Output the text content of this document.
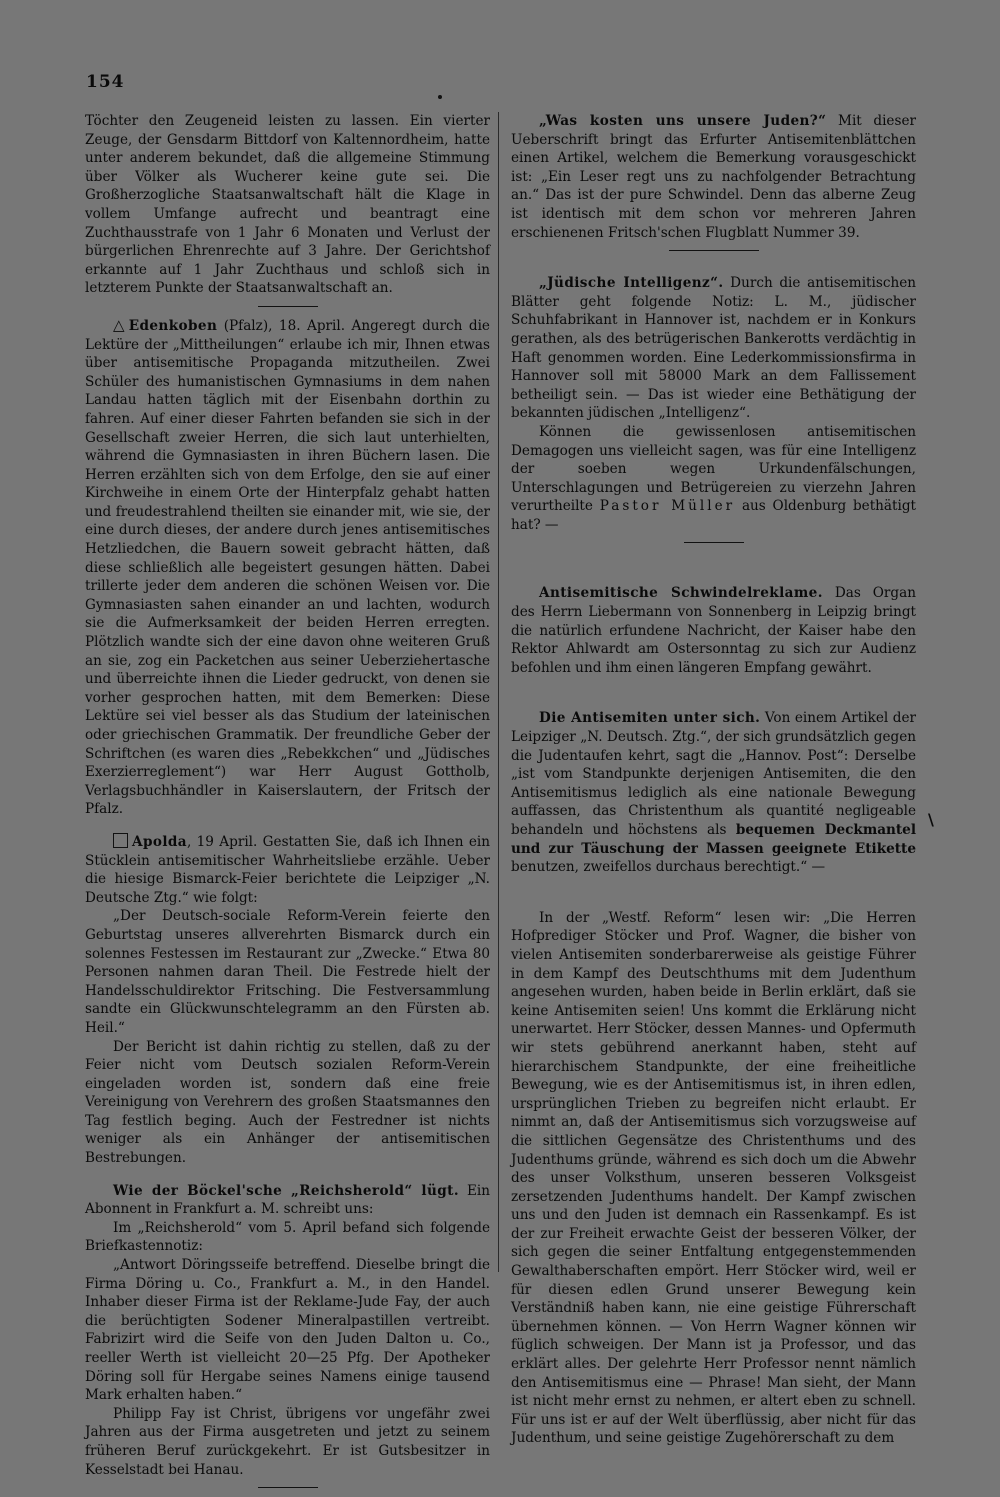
154
\

Töchter den Zeugeneid leisten zu lassen. Ein vierter Zeuge, der Gensdarm Bittdorf von Kaltennordheim, hatte unter anderem bekundet, daß die allgemeine Stimmung über Völker als Wucherer keine gute sei. Die Großherzogliche Staatsanwaltschaft hält die Klage in vollem Umfange aufrecht und beantragt eine Zuchthausstrafe von 1 Jahr 6 Monaten und Verlust der bürgerlichen Ehrenrechte auf 3 Jahre. Der Gerichtshof erkannte auf 1 Jahr Zuchthaus und schloß sich in letzterem Punkte der Staatsanwaltschaft an.

△ Edenkoben (Pfalz), 18. April. Angeregt durch die Lektüre der „Mittheilungen“ erlaube ich mir, Ihnen etwas über antisemitische Propaganda mitzutheilen. Zwei Schüler des humanistischen Gymnasiums in dem nahen Landau hatten täglich mit der Eisenbahn dorthin zu fahren. Auf einer dieser Fahrten befanden sie sich in der Gesellschaft zweier Herren, die sich laut unterhielten, während die Gymnasiasten in ihren Büchern lasen. Die Herren erzählten sich von dem Erfolge, den sie auf einer Kirchweihe in einem Orte der Hinterpfalz gehabt hatten und freudestrahlend theilten sie einander mit, wie sie, der eine durch dieses, der andere durch jenes antisemitisches Hetzliedchen, die Bauern soweit gebracht hätten, daß diese schließlich alle begeistert gesungen hätten. Dabei trillerte jeder dem anderen die schönen Weisen vor. Die Gymnasiasten sahen einander an und lachten, wodurch sie die Aufmerksamkeit der beiden Herren erregten. Plötzlich wandte sich der eine davon ohne weiteren Gruß an sie, zog ein Packetchen aus seiner Ueberziehertasche und überreichte ihnen die Lieder gedruckt, von denen sie vorher gesprochen hatten, mit dem Bemerken: Diese Lektüre sei viel besser als das Studium der lateinischen oder griechischen Grammatik. Der freundliche Geber der Schriftchen (es waren dies „Rebekkchen“ und „Jüdisches Exerzierreglement“) war Herr August Gottholb, Verlagsbuchhändler in Kaiserslautern, der Fritsch der Pfalz.

Apolda, 19 April. Gestatten Sie, daß ich Ihnen ein Stücklein antisemitischer Wahrheitsliebe erzähle. Ueber die hiesige Bismarck-Feier berichtete die Leipziger „N. Deutsche Ztg.“ wie folgt:

„Der Deutsch-sociale Reform-Verein feierte den Geburtstag unseres allverehrten Bismarck durch ein solennes Festessen im Restaurant zur „Zwecke.“ Etwa 80 Personen nahmen daran Theil. Die Festrede hielt der Handelsschuldirektor Fritsching. Die Festversammlung sandte ein Glückwunschtelegramm an den Fürsten ab. Heil.“

Der Bericht ist dahin richtig zu stellen, daß zu der Feier nicht vom Deutsch sozialen Reform-Verein eingeladen worden ist, sondern daß eine freie Vereinigung von Verehrern des großen Staatsmannes den Tag festlich beging. Auch der Festredner ist nichts weniger als ein Anhänger der antisemitischen Bestrebungen.

Wie der Böckel'sche „Reichsherold“ lügt. Ein Abonnent in Frankfurt a. M. schreibt uns:

Im „Reichsherold“ vom 5. April befand sich folgende Briefkastennotiz:

„Antwort Döringsseife betreffend. Dieselbe bringt die Firma Döring u. Co., Frankfurt a. M., in den Handel. Inhaber dieser Firma ist der Reklame-Jude Fay, der auch die berüchtigten Sodener Mineralpastillen vertreibt. Fabrizirt wird die Seife von den Juden Dalton u. Co., reeller Werth ist vielleicht 20—25 Pfg. Der Apotheker Döring soll für Hergabe seines Namens einige tausend Mark erhalten haben.“

Philipp Fay ist Christ, übrigens vor ungefähr zwei Jahren aus der Firma ausgetreten und jetzt zu seinem früheren Beruf zurückgekehrt. Er ist Gutsbesitzer in Kesselstadt bei Hanau.

„Was kosten uns unsere Juden?“ Mit dieser Ueberschrift bringt das Erfurter Antisemitenblättchen einen Artikel, welchem die Bemerkung vorausgeschickt ist: „Ein Leser regt uns zu nachfolgender Betrachtung an.“ Das ist der pure Schwindel. Denn das alberne Zeug ist identisch mit dem schon vor mehreren Jahren erschienenen Fritsch'schen Flugblatt Nummer 39.

„Jüdische Intelligenz“. Durch die antisemitischen Blätter geht folgende Notiz: L. M., jüdischer Schuhfabrikant in Hannover ist, nachdem er in Konkurs gerathen, als des betrügerischen Bankerotts verdächtig in Haft genommen worden. Eine Lederkommissionsfirma in Hannover soll mit 58000 Mark an dem Fallissement betheiligt sein. — Das ist wieder eine Bethätigung der bekannten jüdischen „Intelligenz“.

Können die gewissenlosen antisemitischen Demagogen uns vielleicht sagen, was für eine Intelligenz der soeben wegen Urkundenfälschungen, Unterschlagungen und Betrügereien zu vierzehn Jahren verurtheilte Pastor Müller aus Oldenburg bethätigt hat? —

Antisemitische Schwindelreklame. Das Organ des Herrn Liebermann von Sonnenberg in Leipzig bringt die natürlich erfundene Nachricht, der Kaiser habe den Rektor Ahlwardt am Ostersonntag zu sich zur Audienz befohlen und ihm einen längeren Empfang gewährt.

Die Antisemiten unter sich. Von einem Artikel der Leipziger „N. Deutsch. Ztg.“, der sich grundsätzlich gegen die Judentaufen kehrt, sagt die „Hannov. Post“: Derselbe „ist vom Standpunkte derjenigen Antisemiten, die den Antisemitismus lediglich als eine nationale Bewegung auffassen, das Christenthum als quantité negligeable behandeln und höchstens als bequemen Deckmantel und zur Täuschung der Massen geeignete Etikette benutzen, zweifellos durchaus berechtigt.“ —

In der „Westf. Reform“ lesen wir: „Die Herren Hofprediger Stöcker und Prof. Wagner, die bisher von vielen Antisemiten sonderbarerweise als geistige Führer in dem Kampf des Deutschthums mit dem Judenthum angesehen wurden, haben beide in Berlin erklärt, daß sie keine Antisemiten seien! Uns kommt die Erklärung nicht unerwartet. Herr Stöcker, dessen Mannes- und Opfermuth wir stets gebührend anerkannt haben, steht auf hierarchischem Standpunkte, der eine freiheitliche Bewegung, wie es der Antisemitismus ist, in ihren edlen, ursprünglichen Trieben zu begreifen nicht erlaubt. Er nimmt an, daß der Antisemitismus sich vorzugsweise auf die sittlichen Gegensätze des Christenthums und des Judenthums gründe, während es sich doch um die Abwehr des unser Volksthum, unseren besseren Volksgeist zersetzenden Judenthums handelt. Der Kampf zwischen uns und den Juden ist demnach ein Rassenkampf. Es ist der zur Freiheit erwachte Geist der besseren Völker, der sich gegen die seiner Entfaltung entgegenstemmenden Gewalthaberschaften empört. Herr Stöcker wird, weil er für diesen edlen Grund unserer Bewegung kein Verständniß haben kann, nie eine geistige Führerschaft übernehmen können. — Von Herrn Wagner können wir füglich schweigen. Der Mann ist ja Professor, und das erklärt alles. Der gelehrte Herr Professor nennt nämlich den Antisemitismus eine — Phrase! Man sieht, der Mann ist nicht mehr ernst zu nehmen, er altert eben zu schnell. Für uns ist er auf der Welt überflüssig, aber nicht für das Judenthum, und seine geistige Zugehörerschaft zu dem
